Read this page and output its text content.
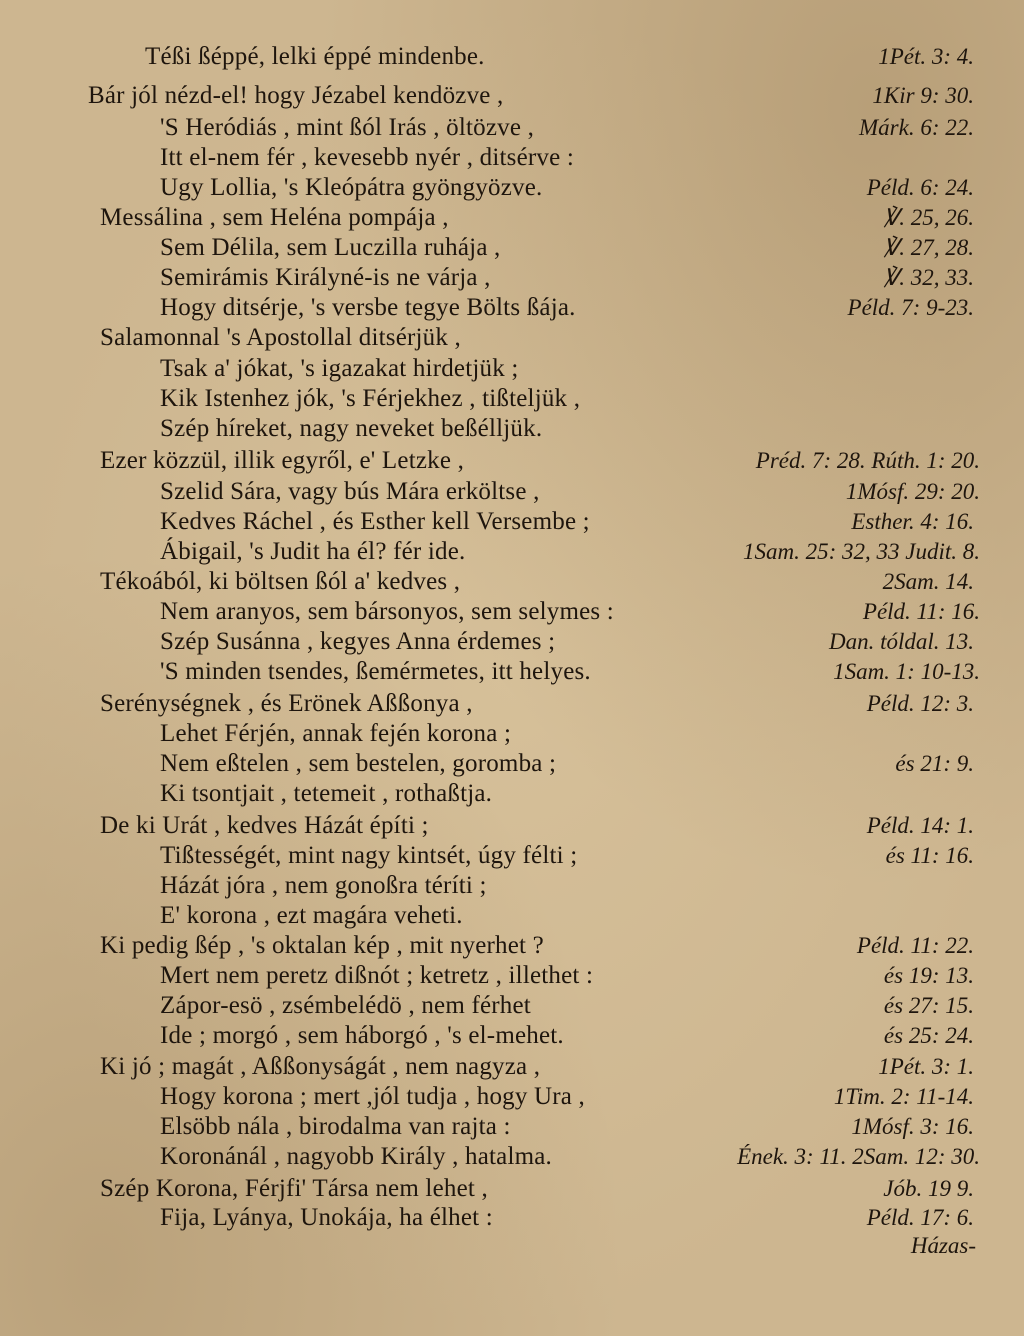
Téßi ßéppé, lelki éppé mindenbe.	1Pét. 3: 4.
Bár jól nézd-el! hogy Jézabel kendözve ,	1Kir 9: 30.
'S Heródiás , mint ßól Irás , öltözve ,	Márk. 6: 22.
Itt el-nem fér , kevesebb nyér , ditsérve :
Ugy Lollia, 's Kleópátra gyöngyözve.	Péld. 6: 24.
Messálina , sem Heléna pompája ,	℣. 25, 26.
Sem Délila, sem Luczilla ruhája ,	℣. 27, 28.
Semirámis Királyné-is ne várja ,	℣. 32, 33.
Hogy ditsérje, 's versbe tegye Bölts ßája.	Péld. 7: 9-23.
Salamonnal 's Apostollal ditsérjük ,
Tsak a' jókat, 's igazakat hirdetjük ;
Kik Istenhez jók, 's Férjekhez , tißteljük ,
Szép híreket, nagy neveket beßélljük.
Ezer közzül, illik egyről, e' Letzke ,	Préd. 7: 28. Rúth. 1: 20.
Szelid Sára, vagy bús Mára erköltse ,	1Mósf. 29: 20.
Kedves Ráchel , és Esther kell Versembe ;	Esther. 4: 16.
Ábigail, 's Judit ha él? fér ide.	1Sam. 25: 32, 33 Judit. 8.
Tékoából, ki böltsen ßól a' kedves ,	2Sam. 14.
Nem aranyos, sem bársonyos, sem selymes :	Péld. 11: 16.
Szép Susánna , kegyes Anna érdemes ;	Dan. tóldal. 13.
'S minden tsendes, ßemérmetes, itt helyes.	1Sam. 1: 10-13.
Serénységnek , és Erönek Aßßonya ,	Péld. 12: 3.
Lehet Férjén, annak fején korona ;
Nem eßtelen , sem bestelen, goromba ;	és 21: 9.
Ki tsontjait , tetemeit , rothaßtja.
De ki Urát , kedves Házát építi ;	Péld. 14: 1.
Tißtességét, mint nagy kintsét, úgy félti ;	és 11: 16.
Házát jóra , nem gonoßra téríti ;
E' korona , ezt magára veheti.
Ki pedig ßép , 's oktalan kép , mit nyerhet ?	Péld. 11: 22.
Mert nem peretz dißnót ; ketretz , illethet :	és 19: 13.
Zápor-esö , zsémbelédö , nem férhet	és 27: 15.
Ide ; morgó , sem háborgó , 's el-mehet.	és 25: 24.
Ki jó ; magát , Aßßonyságát , nem nagyza ,	1Pét. 3: 1.
Hogy korona ; mert ,jól tudja , hogy Ura ,	1Tim. 2: 11-14.
Elsöbb nála , birodalma van rajta :	1Mósf. 3: 16.
Koronánál , nagyobb Király , hatalma.	Ének. 3: 11. 2Sam. 12: 30.
Szép Korona, Férjfi' Társa nem lehet ,	Jób. 19 9.
Fija, Lyánya, Unokája, ha élhet :	Péld. 17: 6.
Házas-
